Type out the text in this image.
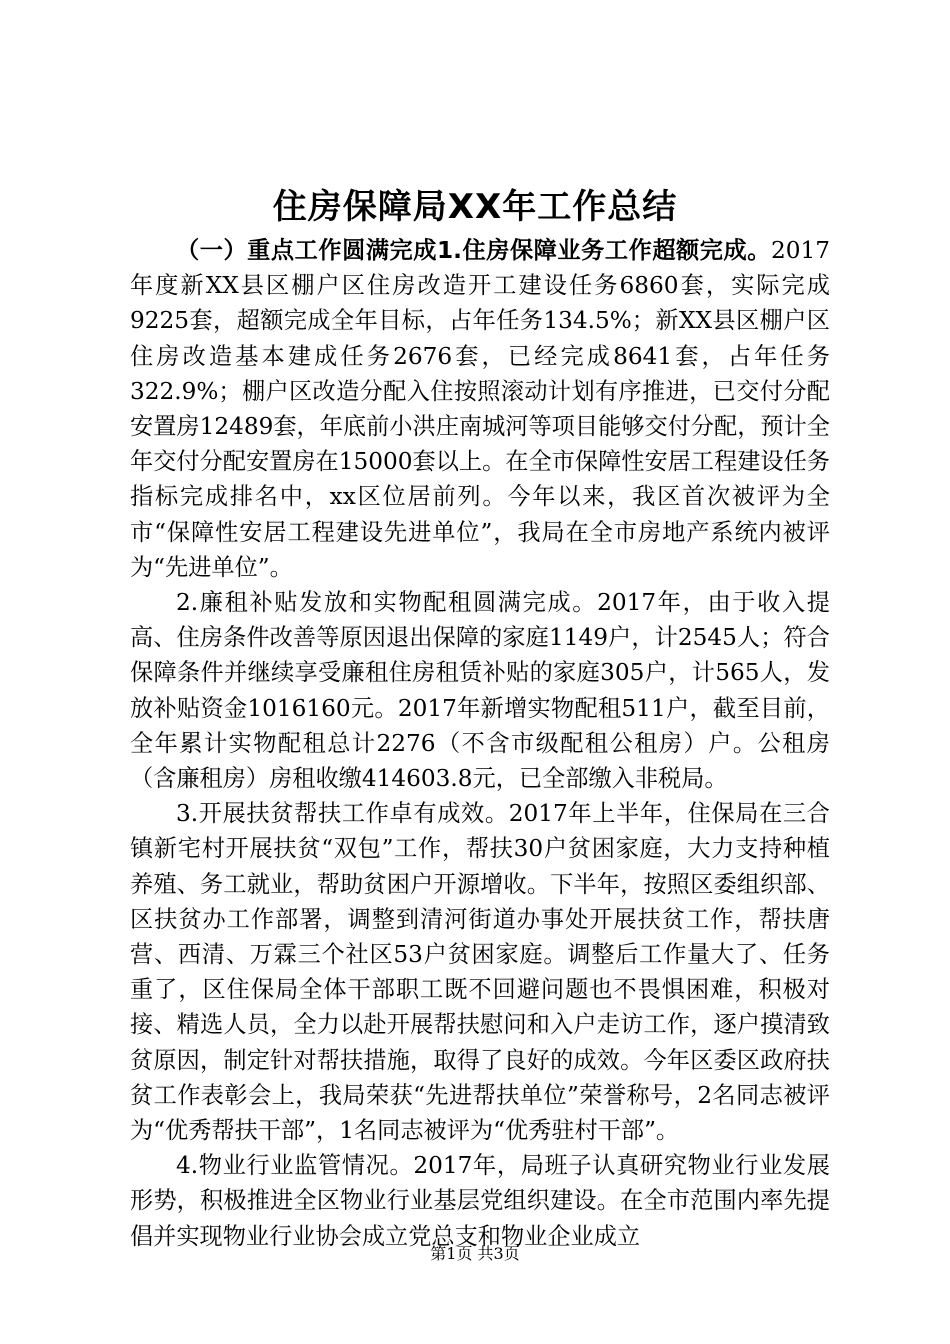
住房保障局XX年工作总结

（一）重点工作圆满完成1.住房保障业务工作超额完成。2017年度新XX县区棚户区住房改造开工建设任务6860套，实际完成9225套，超额完成全年目标，占年任务134.5%；新XX县区棚户区住房改造基本建成任务2676套，已经完成8641套，占年任务322.9%；棚户区改造分配入住按照滚动计划有序推进，已交付分配安置房12489套，年底前小洪庄南城河等项目能够交付分配，预计全年交付分配安置房在15000套以上。在全市保障性安居工程建设任务指标完成排名中，xx区位居前列。今年以来，我区首次被评为全市“保障性安居工程建设先进单位”，我局在全市房地产系统内被评为“先进单位”。

2.廉租补贴发放和实物配租圆满完成。2017年，由于收入提高、住房条件改善等原因退出保障的家庭1149户，计2545人；符合保障条件并继续享受廉租住房租赁补贴的家庭305户，计565人，发放补贴资金1016160元。2017年新增实物配租511户，截至目前，全年累计实物配租总计2276（不含市级配租公租房）户。公租房（含廉租房）房租收缴414603.8元，已全部缴入非税局。

3.开展扶贫帮扶工作卓有成效。2017年上半年，住保局在三合镇新宅村开展扶贫“双包”工作，帮扶30户贫困家庭，大力支持种植养殖、务工就业，帮助贫困户开源增收。下半年，按照区委组织部、区扶贫办工作部署，调整到清河街道办事处开展扶贫工作，帮扶唐营、西清、万霖三个社区53户贫困家庭。调整后工作量大了、任务重了，区住保局全体干部职工既不回避问题也不畏惧困难，积极对接、精选人员，全力以赴开展帮扶慰问和入户走访工作，逐户摸清致贫原因，制定针对帮扶措施，取得了良好的成效。今年区委区政府扶贫工作表彰会上，我局荣获“先进帮扶单位”荣誉称号，2名同志被评为“优秀帮扶干部”，1名同志被评为“优秀驻村干部”。

4.物业行业监管情况。2017年，局班子认真研究物业行业发展形势，积极推进全区物业行业基层党组织建设。在全市范围内率先提倡并实现物业行业协会成立党总支和物业企业成立

第1页 共3页
